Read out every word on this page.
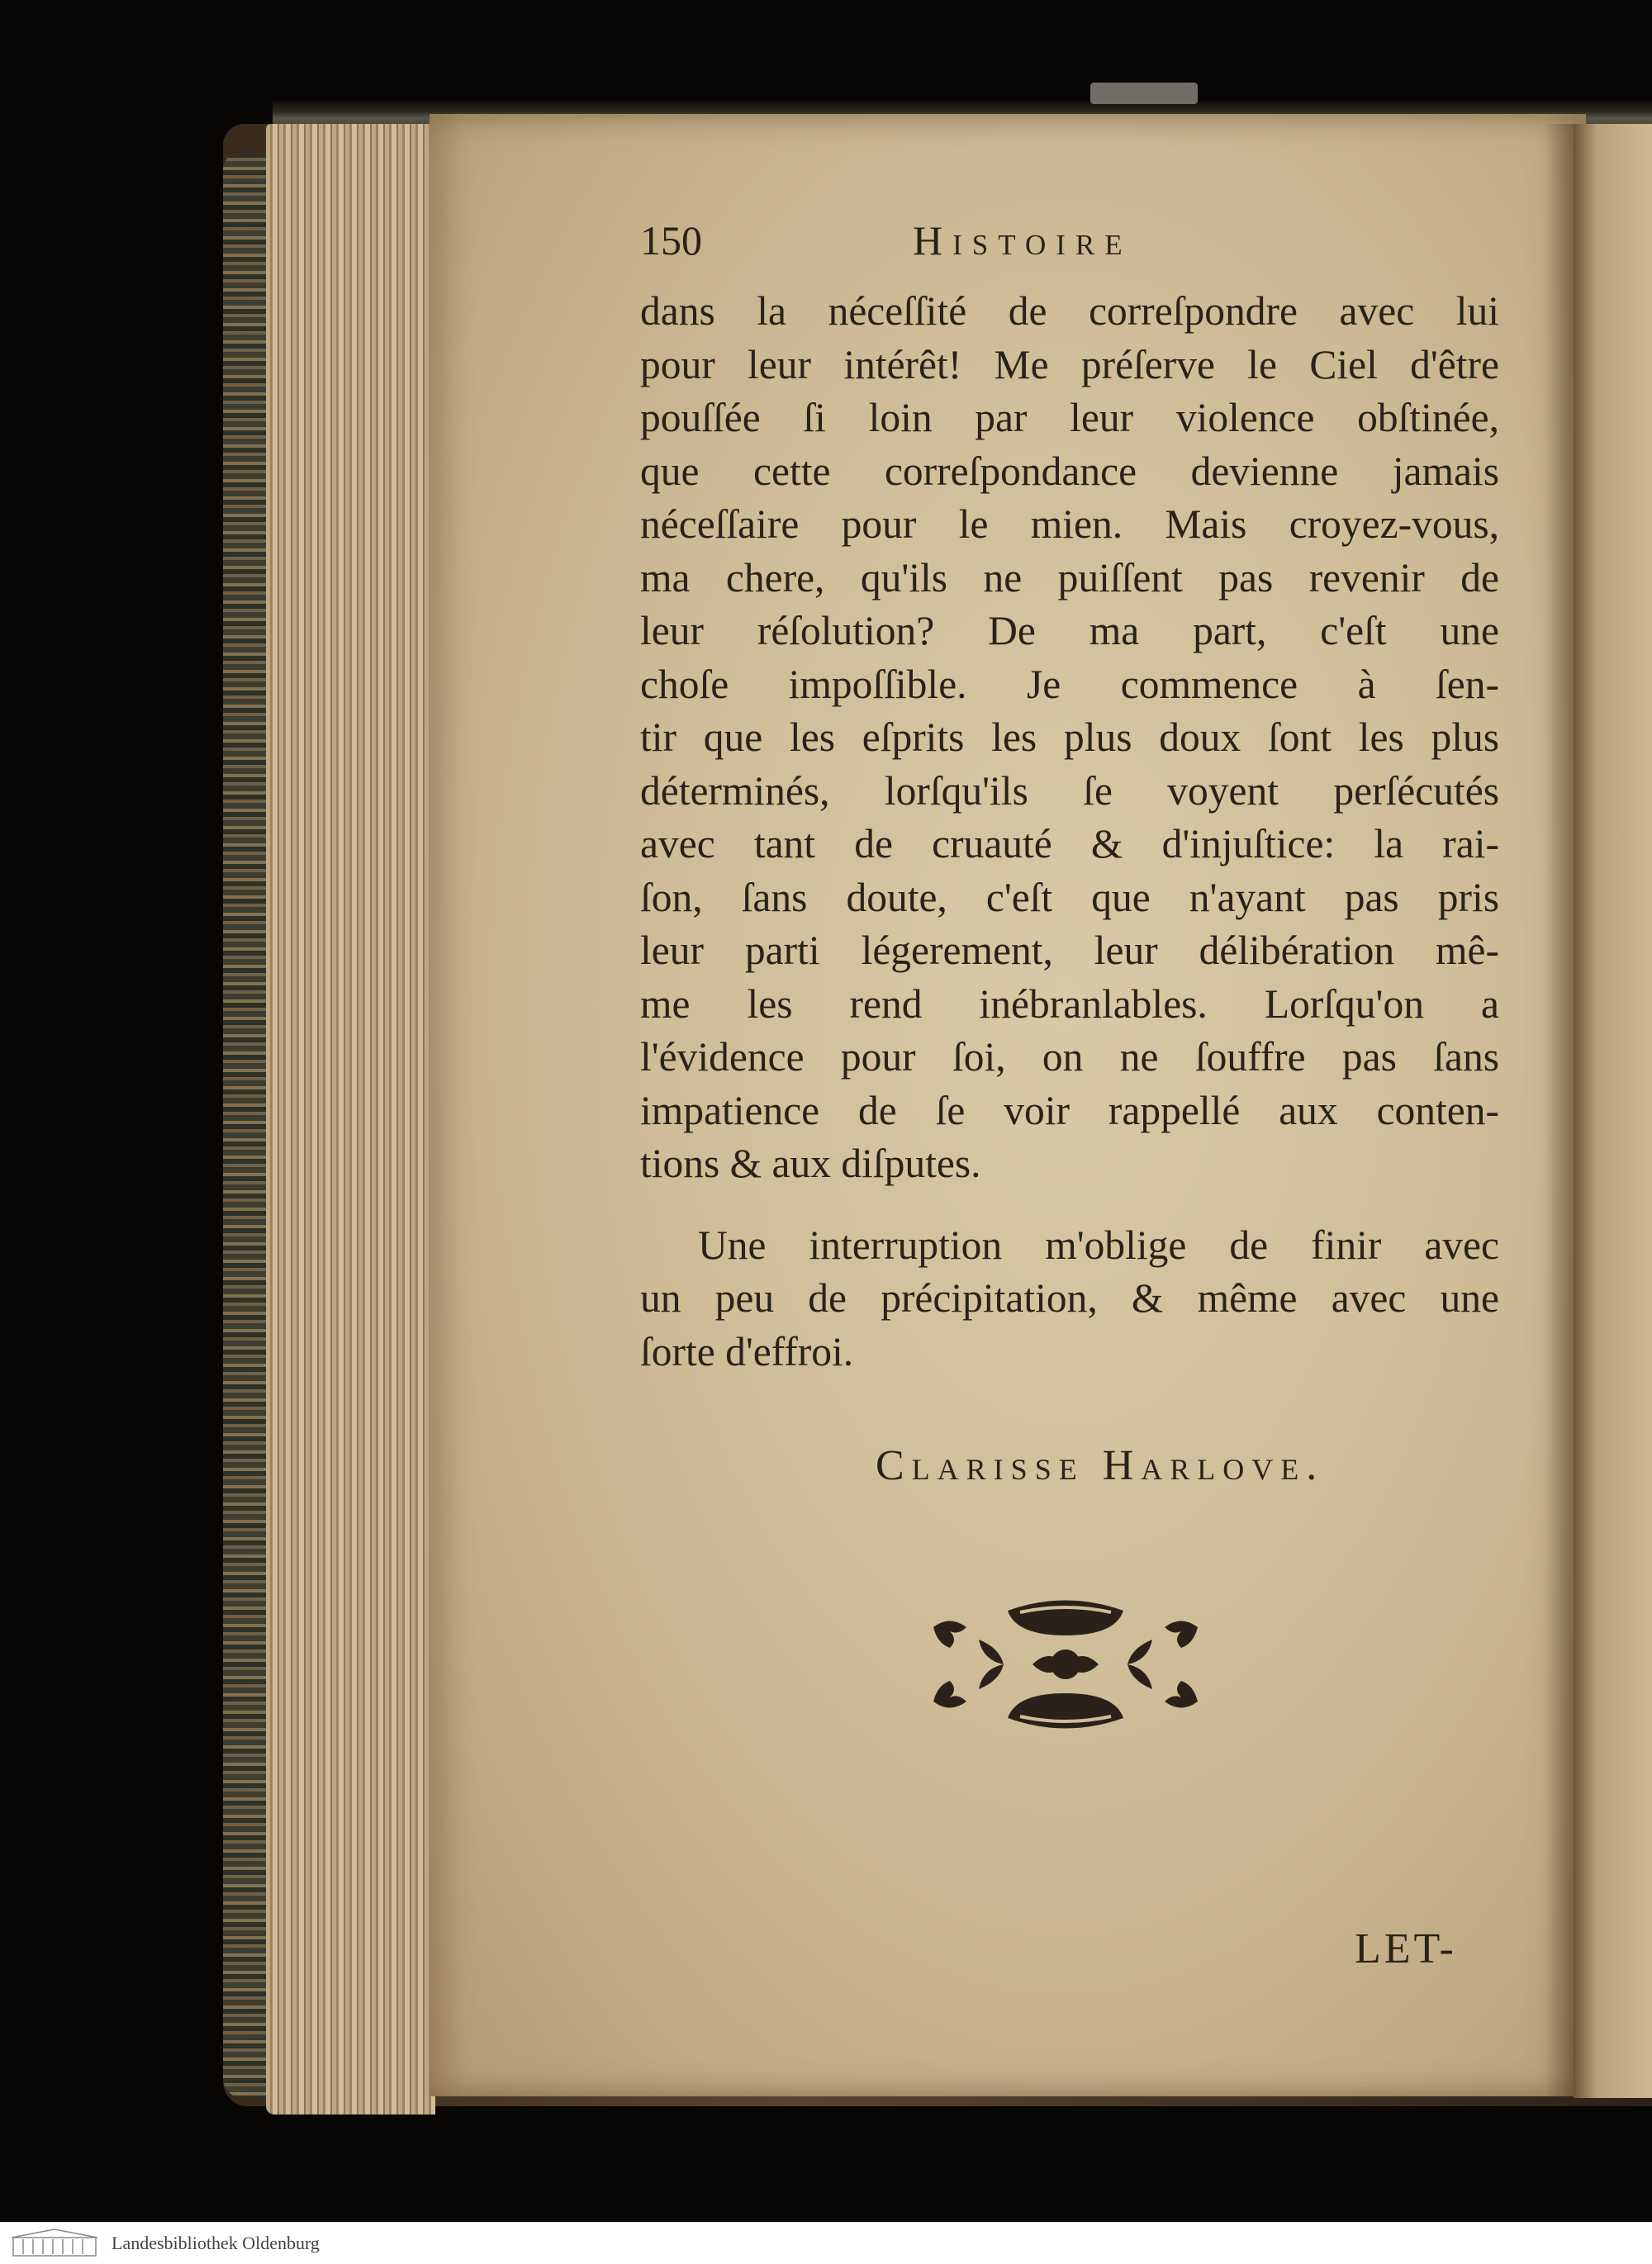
150	Histoire
dans la néceſſité de correſpondre avec lui
pour leur intérêt! Me préſerve le Ciel d'être
pouſſée ſi loin par leur violence obſtinée,
que cette correſpondance devienne jamais
néceſſaire pour le mien. Mais croyez-vous,
ma chere, qu'ils ne puiſſent pas revenir de
leur réſolution? De ma part, c'eſt une
choſe impoſſible. Je commence à ſen-
tir que les eſprits les plus doux ſont les plus
déterminés, lorſqu'ils ſe voyent perſécutés
avec tant de cruauté & d'injuſtice: la rai-
ſon, ſans doute, c'eſt que n'ayant pas pris
leur parti légerement, leur délibération mê-
me les rend inébranlables. Lorſqu'on a
l'évidence pour ſoi, on ne ſouffre pas ſans
impatience de ſe voir rappellé aux conten-
tions & aux diſputes.
Une interruption m'oblige de finir avec
un peu de précipitation, & même avec une
ſorte d'effroi.
Clarisse Harlove.
LET-
Landesbibliothek Oldenburg
